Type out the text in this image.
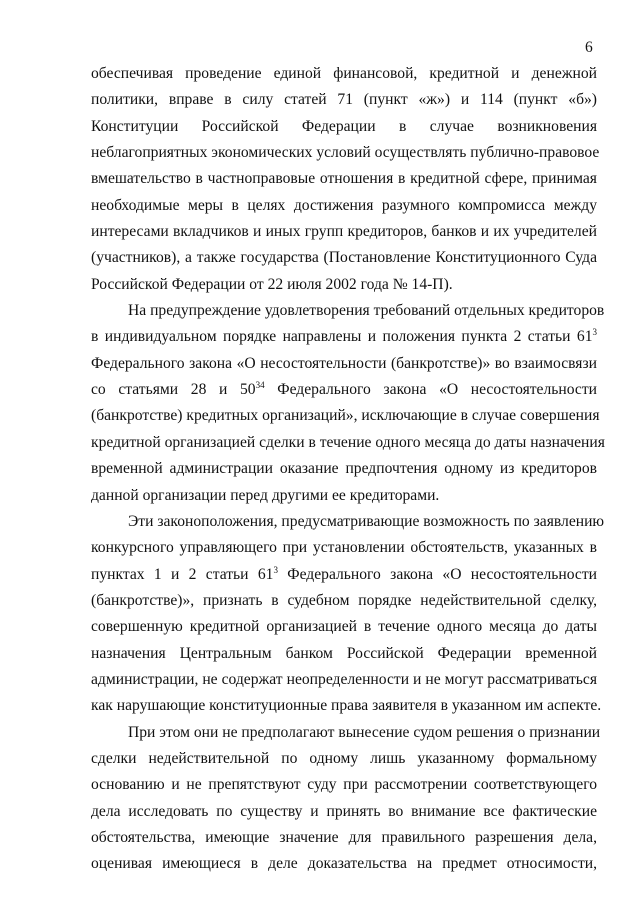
6
обеспечивая проведение единой финансовой, кредитной и денежной
политики, вправе в силу статей 71 (пункт «ж») и 114 (пункт «б»)
Конституции Российской Федерации в случае возникновения
неблагоприятных экономических условий осуществлять публично-правовое
вмешательство в частноправовые отношения в кредитной сфере, принимая
необходимые меры в целях достижения разумного компромисса между
интересами вкладчиков и иных групп кредиторов, банков и их учредителей
(участников), а также государства (Постановление Конституционного Суда
Российской Федерации от 22 июля 2002 года № 14-П).
На предупреждение удовлетворения требований отдельных кредиторов
в индивидуальном порядке направлены и положения пункта 2 статьи $61^3$
Федерального закона «О несостоятельности (банкротстве)» во взаимосвязи
со статьями 28 и $50^{34}$ Федерального закона «О несостоятельности
(банкротстве) кредитных организаций», исключающие в случае совершения
кредитной организацией сделки в течение одного месяца до даты назначения
временной администрации оказание предпочтения одному из кредиторов
данной организации перед другими ее кредиторами.
Эти законоположения, предусматривающие возможность по заявлению
конкурсного управляющего при установлении обстоятельств, указанных в
пунктах 1 и 2 статьи $61^3$ Федерального закона «О несостоятельности
(банкротстве)», признать в судебном порядке недействительной сделку,
совершенную кредитной организацией в течение одного месяца до даты
назначения Центральным банком Российской Федерации временной
администрации, не содержат неопределенности и не могут рассматриваться
как нарушающие конституционные права заявителя в указанном им аспекте.
При этом они не предполагают вынесение судом решения о признании
сделки недействительной по одному лишь указанному формальному
основанию и не препятствуют суду при рассмотрении соответствующего
дела исследовать по существу и принять во внимание все фактические
обстоятельства, имеющие значение для правильного разрешения дела,
оценивая имеющиеся в деле доказательства на предмет относимости,
